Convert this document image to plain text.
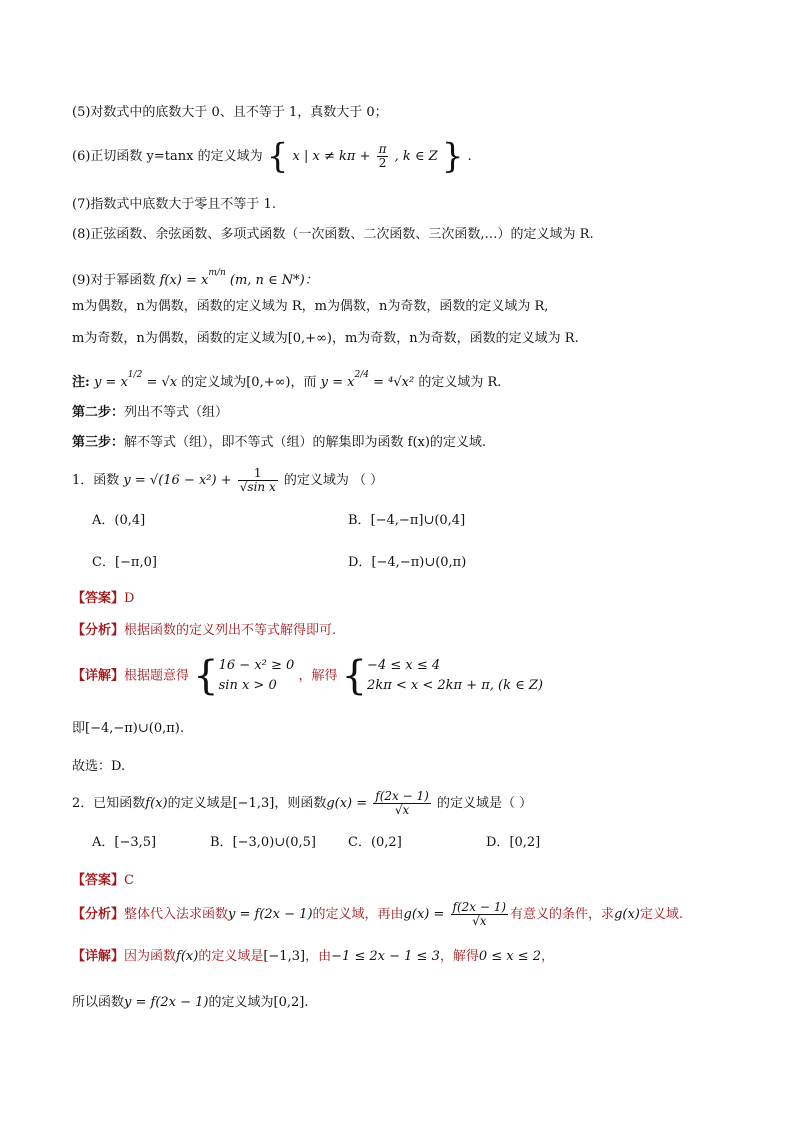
(5)对数式中的底数大于 0、且不等于 1，真数大于 0；
(6)正切函数 y=tanx 的定义域为 { x | $x \ne k\pi + \frac{\pi}{2}$ , k ∈ Z } .
(7)指数式中底数大于零且不等于 1.
(8)正弦函数、余弦函数、多项式函数（一次函数、二次函数、三次函数,…）的定义域为 R.
(9)对于幂函数 $f(x) = x^{m/n}$ (m, n ∈ N*)：
m为偶数，n为偶数，函数的定义域为 R，m为偶数，n为奇数，函数的定义域为 R,
m为奇数，n为偶数，函数的定义域为[0,+∞)，m为奇数，n为奇数，函数的定义域为 R.
注: $y = x^{1/2} = √x$ 的定义域为[0,+∞)，而 $y = x^{2/4} = ^4√x^2$ 的定义域为 R.
第二步：列出不等式（组）
第三步：解不等式（组），即不等式（组）的解集即为函数 f(x)的定义域.
1．函数 $y = √(16 - x^2) + \frac{1}{\text{√sin x}}$ 的定义域为 （ ）
A．(0,4]	B．[−4,−π]∪(0,4]
C．[−π,0]	D．[−4,−π)∪(0,π)
【答案】D
【分析】根据函数的定义列出不等式解得即可.
【详解】根据题意得 {16 − x² ≥ 0
sin x > 0 ，解得 {−4 ≤ x ≤ 4
2kπ < x < 2kπ + π, (k ∈ Z)
即[−4,−π)∪(0,π).
故选：D.
2．已知函数f(x)的定义域是[−1,3]，则函数$g(x) = \frac{f(2x - 1)}{√x}$ 的定义域是（ ）
A．[−3,5]	B．[−3,0)∪(0,5] C．(0,2]	D．[0,2]
【答案】C
【分析】整体代入法求函数y = f(2x − 1)的定义域，再由$g(x) = \frac{f(2x - 1)}{√x}$ 有意义的条件，求g(x)定义域.
【详解】因为函数f(x)的定义域是[−1,3]，由−1 ≤ 2x − 1 ≤ 3，解得0 ≤ x ≤ 2，
所以函数y = f(2x − 1)的定义域为[0,2].
